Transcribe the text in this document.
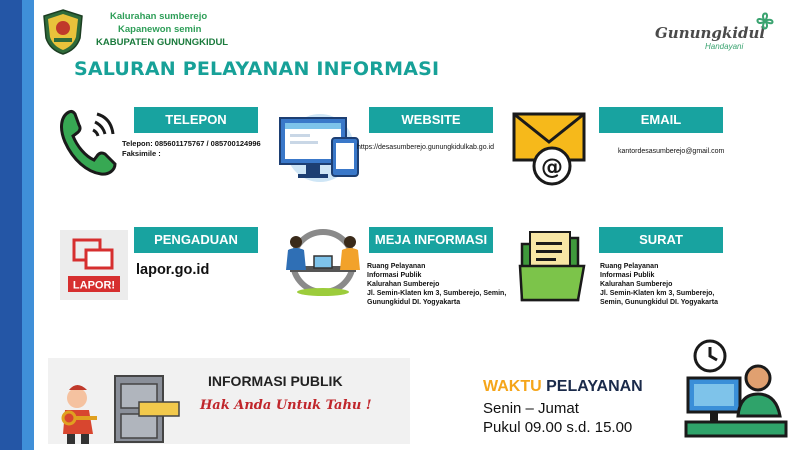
Kalurahan sumberejo
Kapanewon semin
KABUPATEN GUNUNGKIDUL
Gunungkidul
Handayani
SALURAN PELAYANAN INFORMASI
TELEPON
Telepon: 085601175767 / 085700124996
Faksimile :
WEBSITE
https://desasumberejo.gunungkidulkab.go.id
@
EMAIL
kantordesasumberejo@gmail.com
LAPOR!
PENGADUAN
lapor.go.id
MEJA INFORMASI
Ruang Pelayanan
Informasi Publik
Kalurahan Sumberejo
Jl. Semin-Klaten km 3, Sumberejo, Semin,
Gunungkidul DI. Yogyakarta
SURAT
Ruang Pelayanan
Informasi Publik
Kalurahan Sumberejo
Jl. Semin-Klaten km 3, Sumberejo,
Semin, Gunungkidul DI. Yogyakarta
INFORMASI PUBLIK
Hak Anda Untuk Tahu !
WAKTU PELAYANAN
Senin – Jumat
Pukul 09.00 s.d. 15.00
